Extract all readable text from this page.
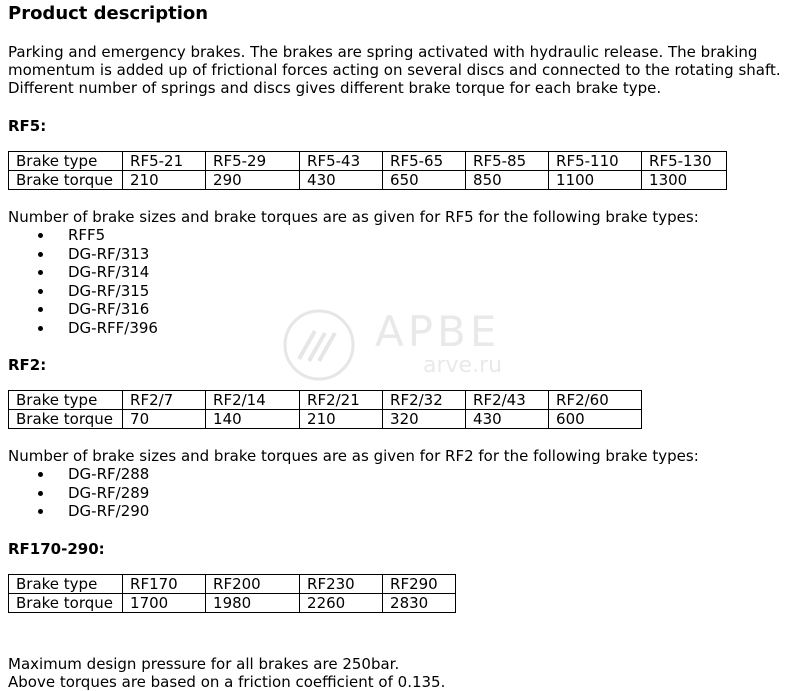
Product description

Parking and emergency brakes. The brakes are spring activated with hydraulic release. The braking momentum is added up of frictional forces acting on several discs and connected to the rotating shaft. Different number of springs and discs gives different brake torque for each brake type.

RF5:
Brake type	RF5-21	RF5-29	RF5-43	RF5-65	RF5-85	RF5-110	RF5-130
Brake torque	210	290	430	650	850	1100	1300
Number of brake sizes and brake torques are as given for RF5 for the following brake types:
RFF5
DG-RF/313
DG-RF/314
DG-RF/315
DG-RF/316
DG-RFF/396
RF2:
Brake type	RF2/7	RF2/14	RF2/21	RF2/32	RF2/43	RF2/60
Brake torque	70	140	210	320	430	600
Number of brake sizes and brake torques are as given for RF2 for the following brake types:
DG-RF/288
DG-RF/289
DG-RF/290
RF170-290:
Brake type	RF170	RF200	RF230	RF290
Brake torque	1700	1980	2260	2830
Maximum design pressure for all brakes are 250bar.
Above torques are based on a friction coefficient of 0.135.
АРВЕ
arve.ru
